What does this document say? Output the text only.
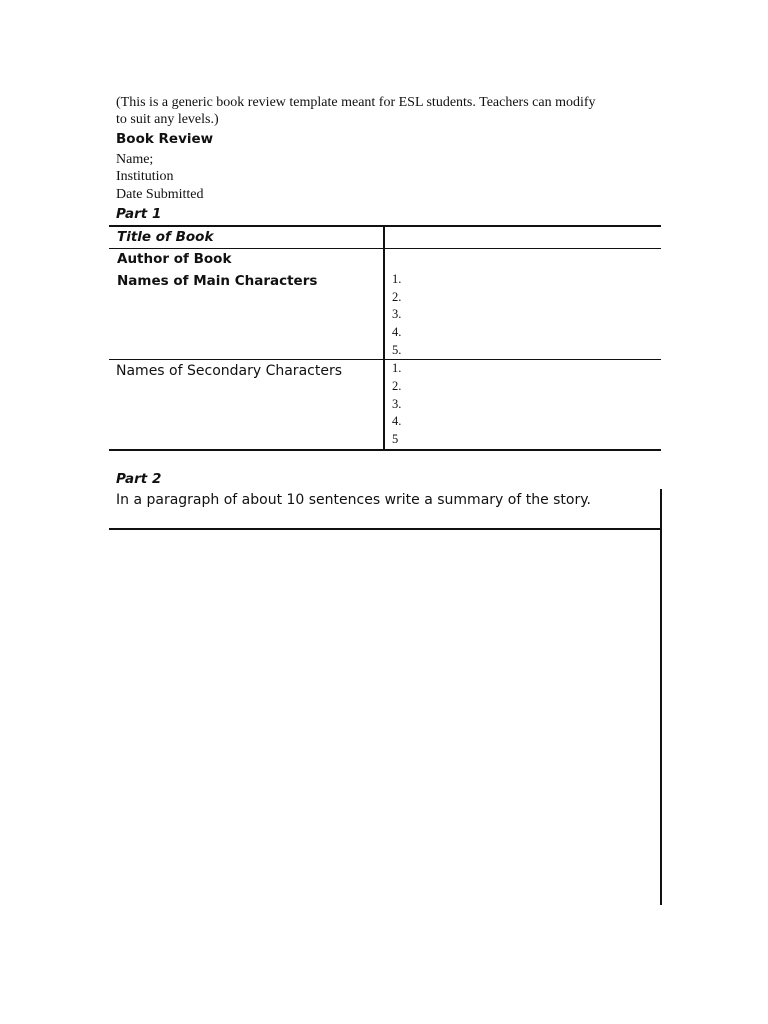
(This is a generic book review template meant for ESL students. Teachers can modify
to suit any levels.)
Book Review
Name;
Institution
Date Submitted
Part 1
Title of Book
Author of Book
Names of Main Characters
Names of Secondary Characters
1.
2.
3.
4.
5.
1.
2.
3.
4.
5
Part 2
In a paragraph of about 10 sentences write a summary of the story.
